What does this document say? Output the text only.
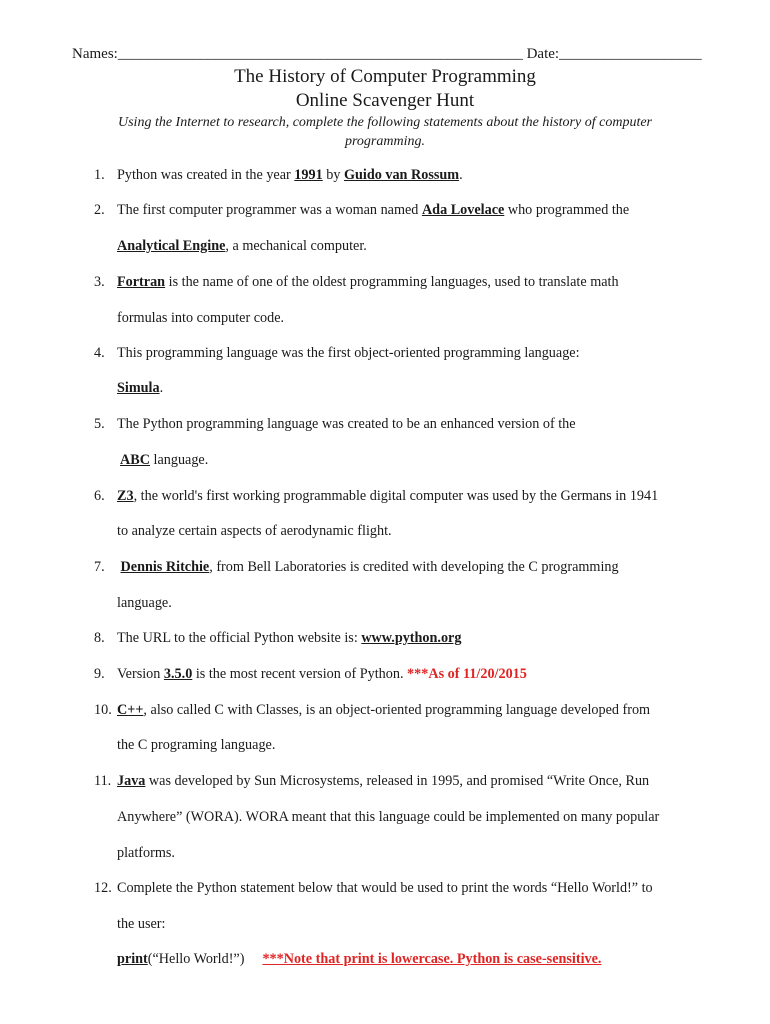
Names:______________________________________________________ Date:___________________
The History of Computer Programming
Online Scavenger Hunt
Using the Internet to research, complete the following statements about the history of computer programming.
1. Python was created in the year 1991 by Guido van Rossum.
2. The first computer programmer was a woman named Ada Lovelace who programmed the
Analytical Engine, a mechanical computer.
3. Fortran is the name of one of the oldest programming languages, used to translate math
formulas into computer code.
4. This programming language was the first object-oriented programming language:
Simula.
5. The Python programming language was created to be an enhanced version of the
ABC language.
6. Z3, the world's first working programmable digital computer was used by the Germans in 1941
to analyze certain aspects of aerodynamic flight.
7. Dennis Ritchie, from Bell Laboratories is credited with developing the C programming
language.
8. The URL to the official Python website is: www.python.org
9. Version 3.5.0 is the most recent version of Python. ***As of 11/20/2015
10. C++, also called C with Classes, is an object-oriented programming language developed from
the C programing language.
11. Java was developed by Sun Microsystems, released in 1995, and promised “Write Once, Run
Anywhere” (WORA). WORA meant that this language could be implemented on many popular
platforms.
12. Complete the Python statement below that would be used to print the words “Hello World!” to
the user:
print(“Hello World!”) ***Note that print is lowercase. Python is case-sensitive.
